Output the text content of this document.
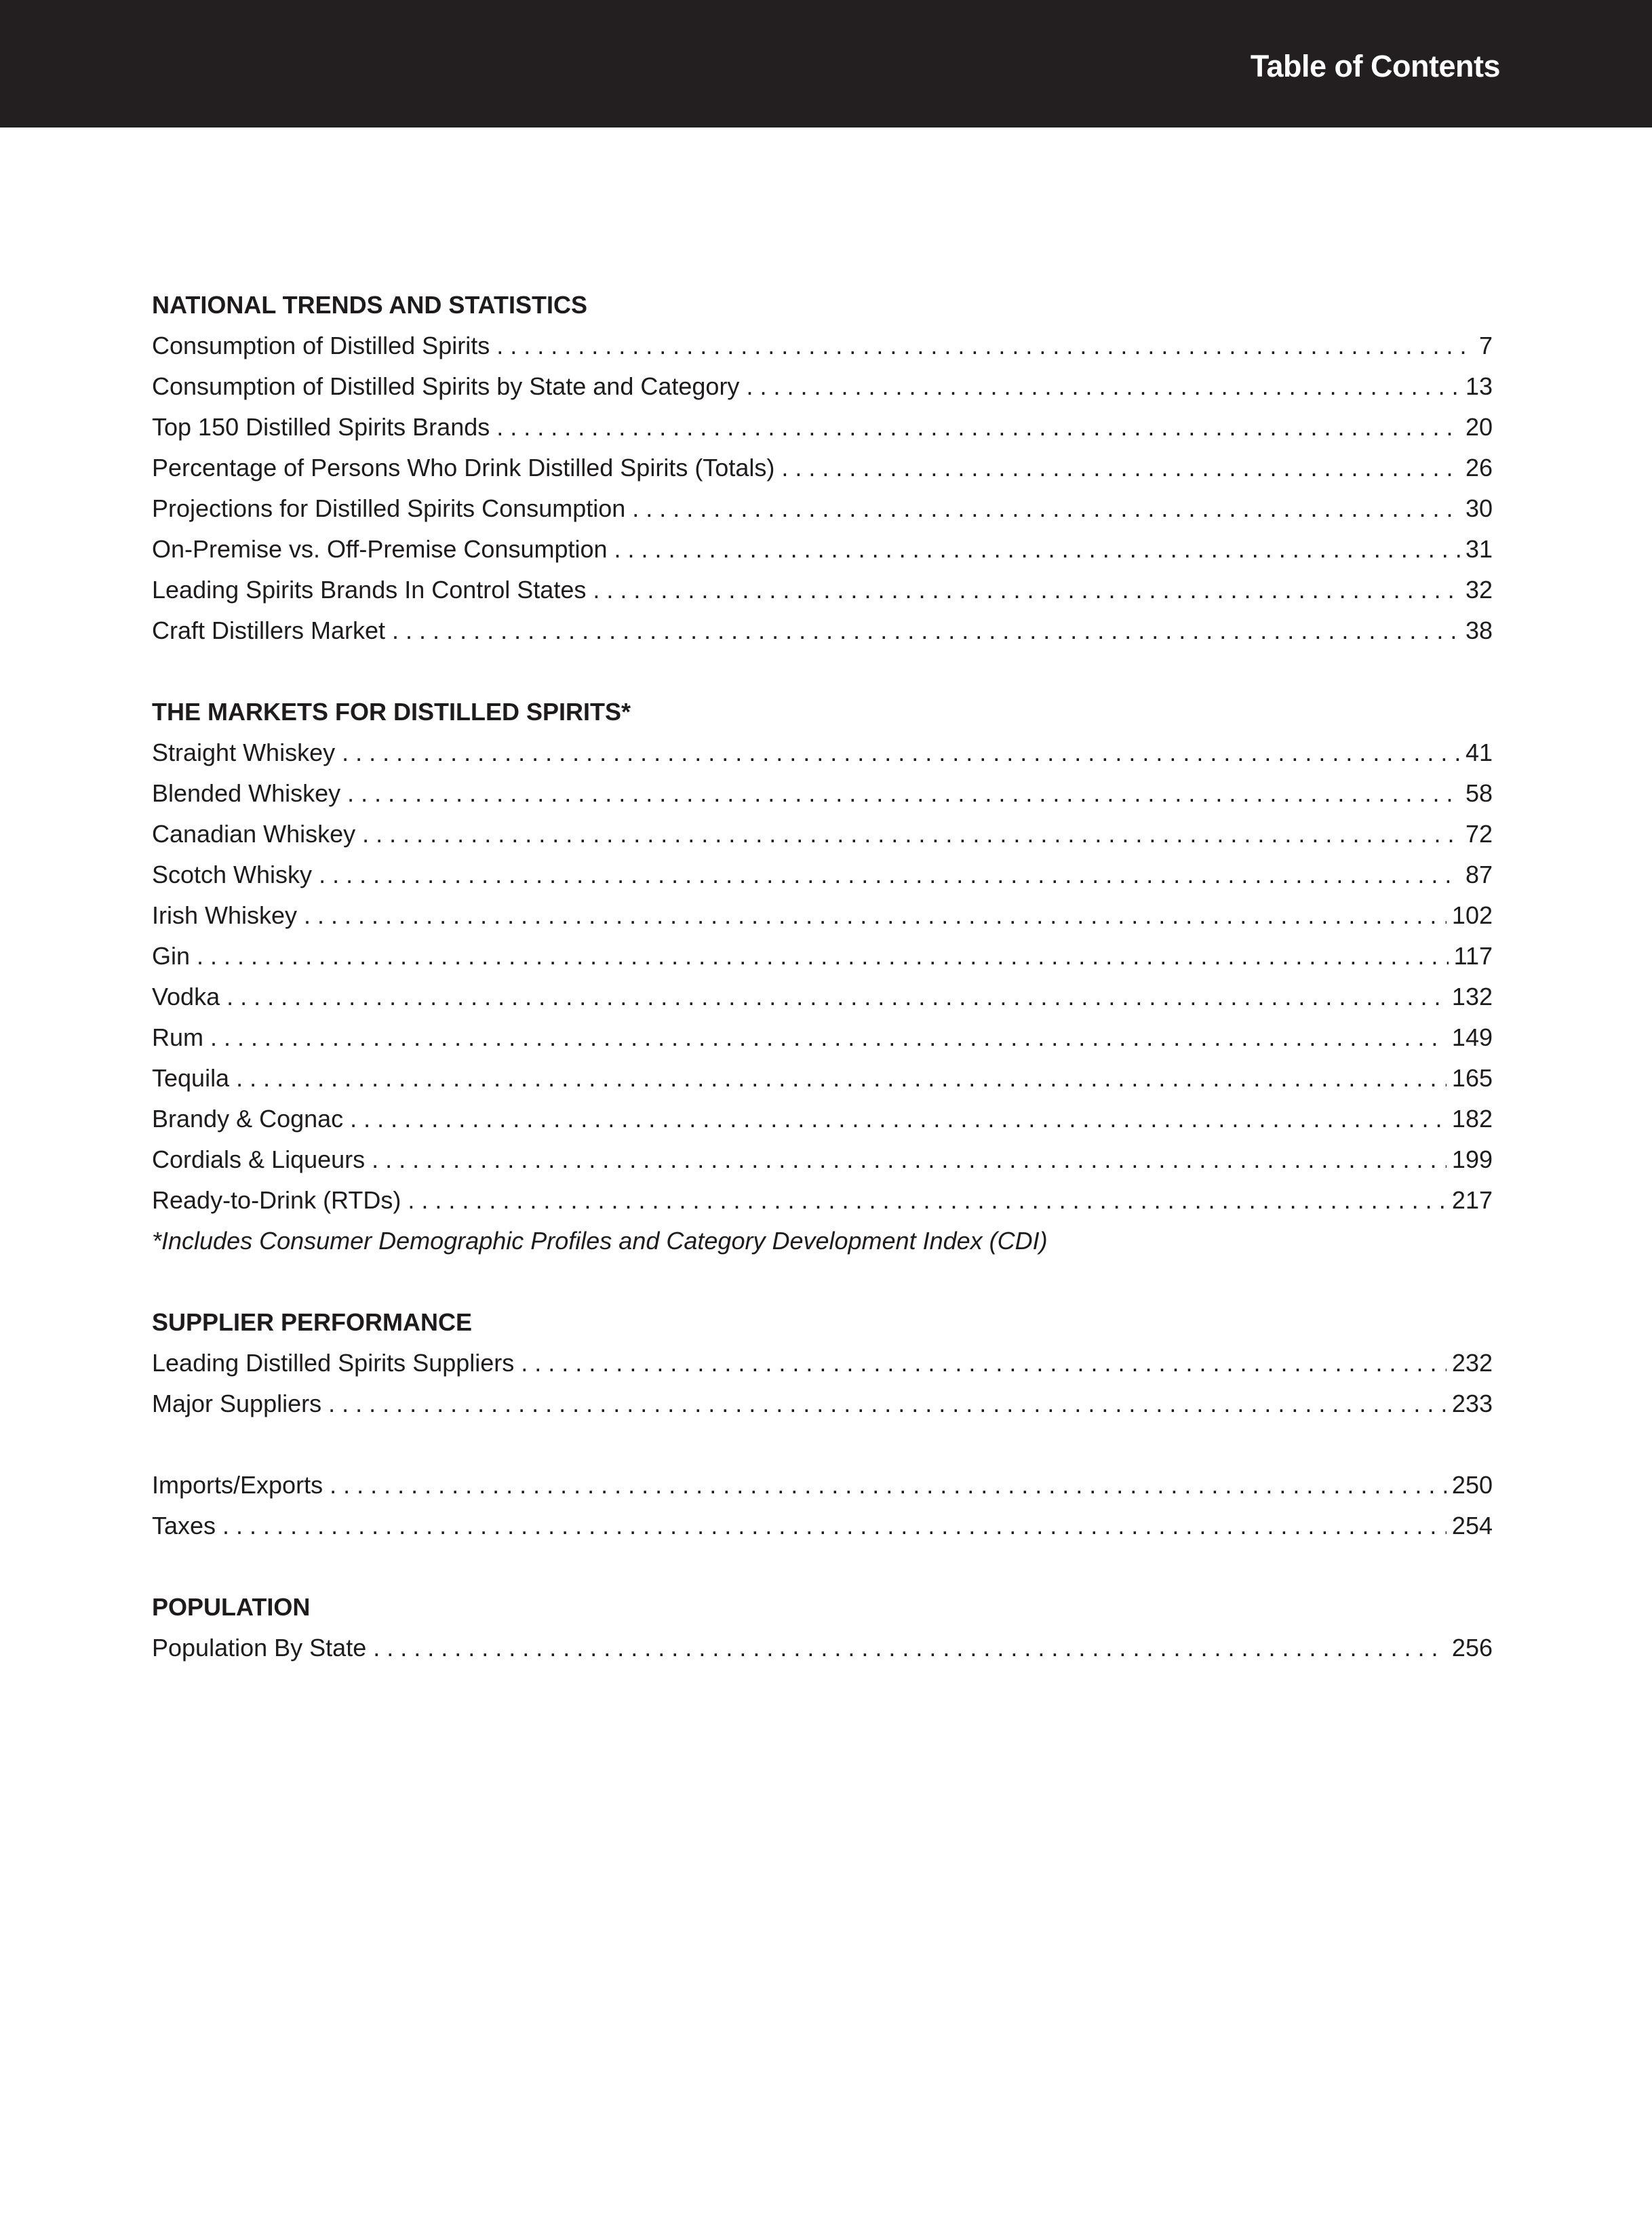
Table of Contents
NATIONAL TRENDS AND STATISTICS
Consumption of Distilled Spirits . . .	7
Consumption of Distilled Spirits by State and Category . . .	13
Top 150 Distilled Spirits Brands . . .	20
Percentage of Persons Who Drink Distilled Spirits (Totals) . . .	26
Projections for Distilled Spirits Consumption . . .	30
On-Premise vs. Off-Premise Consumption . . .	31
Leading Spirits Brands In Control States . . .	32
Craft Distillers Market . . .	38
THE MARKETS FOR DISTILLED SPIRITS*
Straight Whiskey . . .	41
Blended Whiskey . . .	58
Canadian Whiskey . . .	72
Scotch Whisky . . .	87
Irish Whiskey . . .	102
Gin . . .	117
Vodka . . .	132
Rum . . .	149
Tequila . . .	165
Brandy & Cognac . . .	182
Cordials & Liqueurs . . .	199
Ready-to-Drink (RTDs) . . .	217
*Includes Consumer Demographic Profiles and Category Development Index (CDI)
SUPPLIER PERFORMANCE
Leading Distilled Spirits Suppliers . . .	232
Major Suppliers . . .	233
Imports/Exports . . .	250
Taxes . . .	254
POPULATION
Population By State . . .	256
